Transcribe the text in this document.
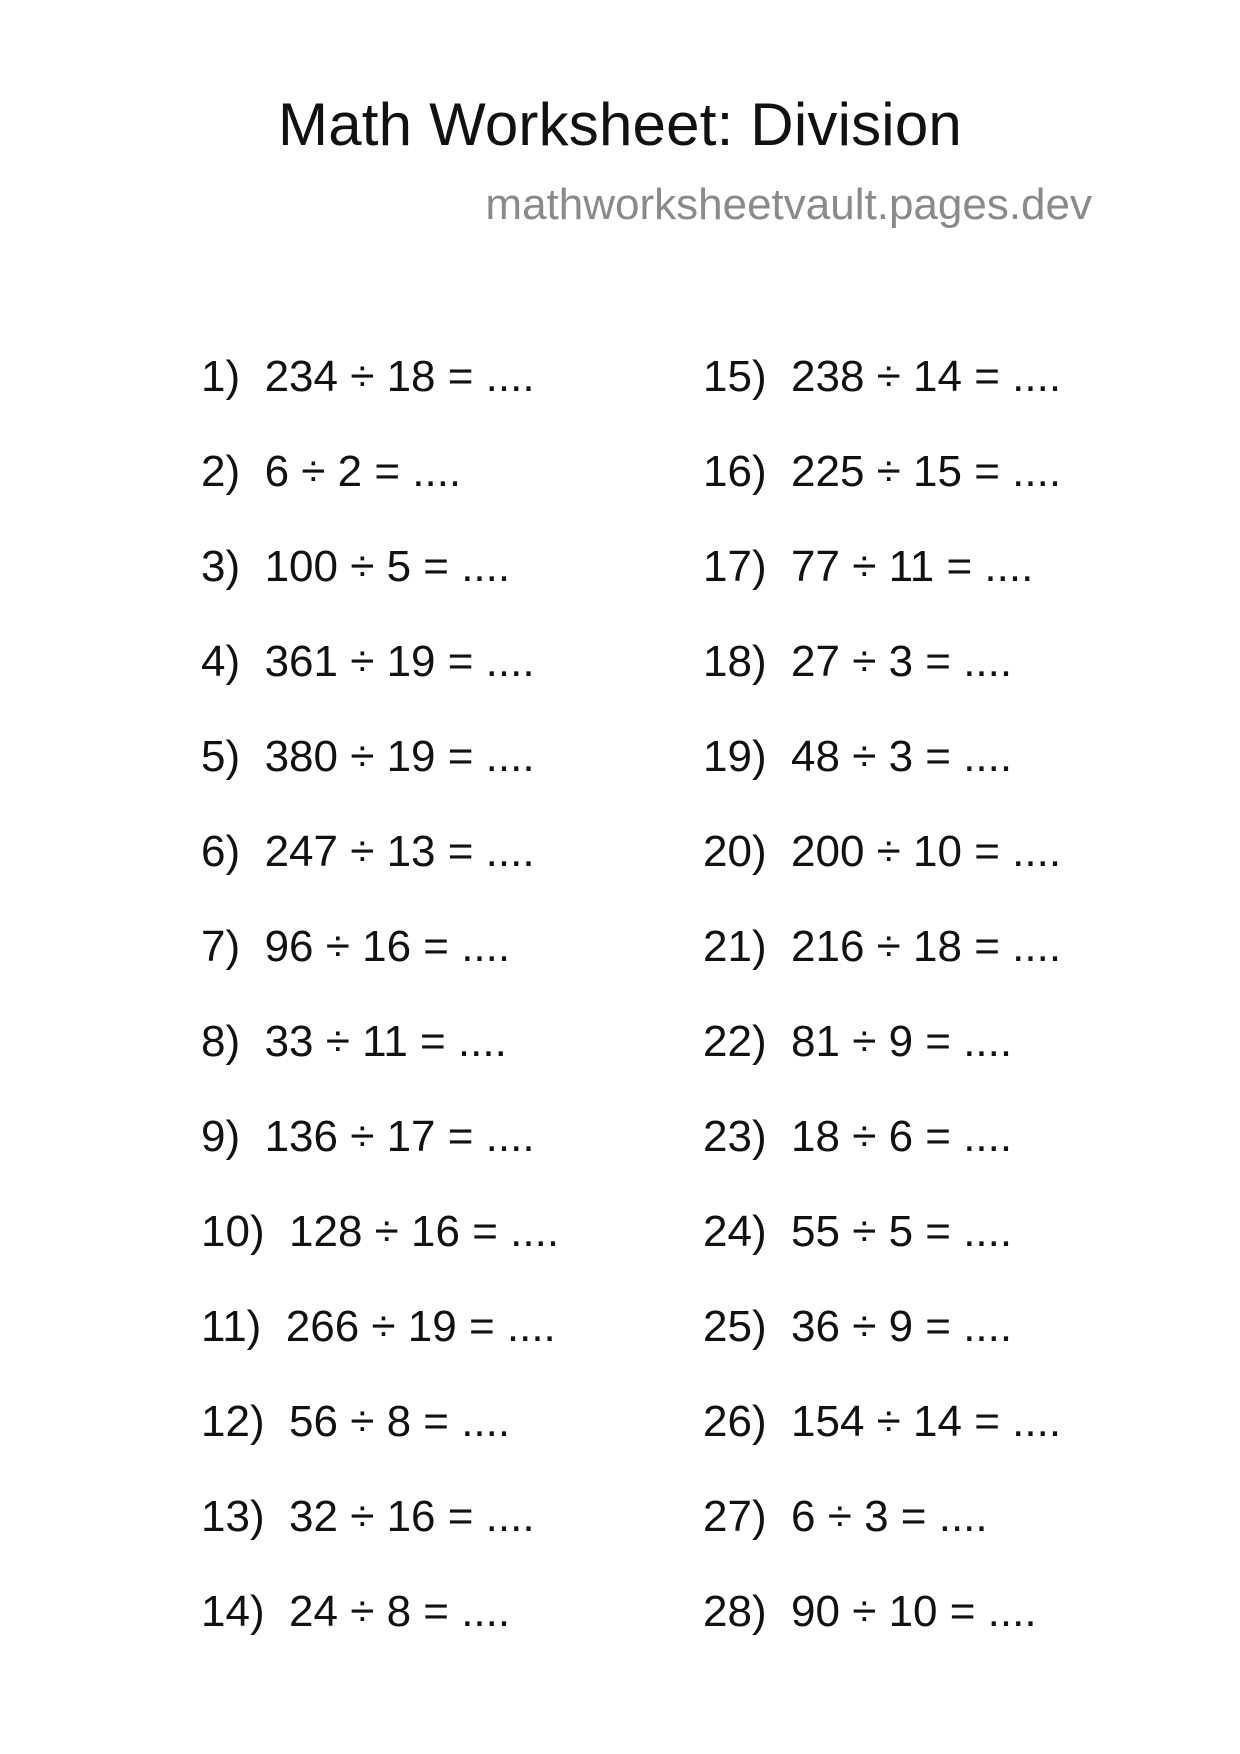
Math Worksheet: Division
mathworksheetvault.pages.dev
1)  234 ÷ 18 = ....
2)  6 ÷ 2 = ....
3)  100 ÷ 5 = ....
4)  361 ÷ 19 = ....
5)  380 ÷ 19 = ....
6)  247 ÷ 13 = ....
7)  96 ÷ 16 = ....
8)  33 ÷ 11 = ....
9)  136 ÷ 17 = ....
10)  128 ÷ 16 = ....
11)  266 ÷ 19 = ....
12)  56 ÷ 8 = ....
13)  32 ÷ 16 = ....
14)  24 ÷ 8 = ....
15)  238 ÷ 14 = ....
16)  225 ÷ 15 = ....
17)  77 ÷ 11 = ....
18)  27 ÷ 3 = ....
19)  48 ÷ 3 = ....
20)  200 ÷ 10 = ....
21)  216 ÷ 18 = ....
22)  81 ÷ 9 = ....
23)  18 ÷ 6 = ....
24)  55 ÷ 5 = ....
25)  36 ÷ 9 = ....
26)  154 ÷ 14 = ....
27)  6 ÷ 3 = ....
28)  90 ÷ 10 = ....
